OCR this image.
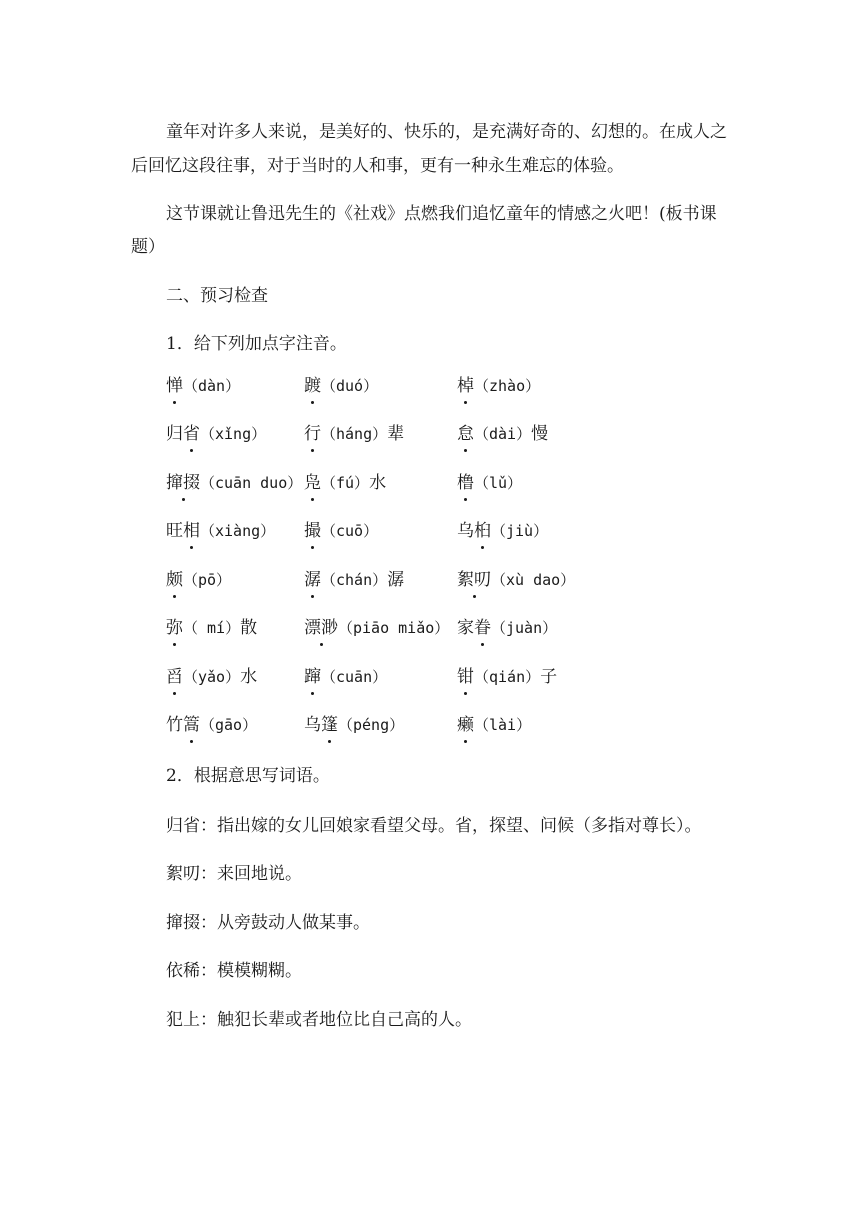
童年对许多人来说，是美好的、快乐的，是充满好奇的、幻想的。在成人之
后回忆这段往事，对于当时的人和事，更有一种永生难忘的体验。
这节课就让鲁迅先生的《社戏》点燃我们追忆童年的情感之火吧！(板书课
题）
二、预习检查
1．给下列加点字注音。
惮（dàn）	踱（duó）	棹（zhào）
归省（xǐng） 行（háng）辈	怠（dài）慢
撺掇（cuān duo） 凫（fú）水	橹（lǔ）
旺相（xiàng） 撮（cuō）	乌桕（jiù）
颇（pō）	潺（chán）潺	絮叨（xù dao）
弥（ mí）散	漂渺（piāo miǎo） 家眷（juàn）
舀（yǎo）水	蹿（cuān）	钳（qián）子
竹篙（gāo）	乌篷（péng）	癞（lài）
2．根据意思写词语。
归省：指出嫁的女儿回娘家看望父母。省，探望、问候（多指对尊长）。
絮叨：来回地说。
撺掇：从旁鼓动人做某事。
依稀：模模糊糊。
犯上：触犯长辈或者地位比自己高的人。
